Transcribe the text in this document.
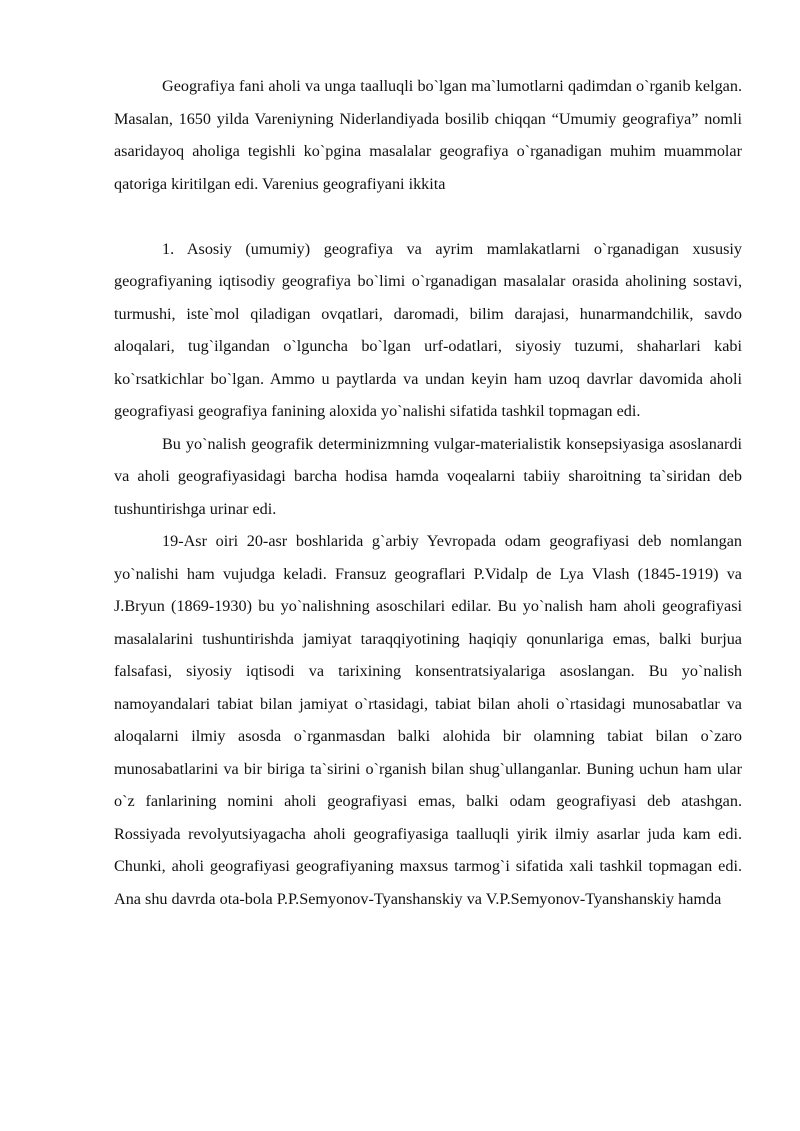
Geografiya fani aholi va unga taalluqli bo`lgan ma`lumotlarni qadimdan o`rganib kelgan. Masalan, 1650 yilda Vareniyning Niderlandiyada bosilib chiqqan “Umumiy geografiya” nomli asaridayoq aholiga tegishli ko`pgina masalalar geografiya o`rganadigan muhim muammolar qatoriga kiritilgan edi. Varenius geografiyani ikkita

1. Asosiy (umumiy) geografiya va ayrim mamlakatlarni o`rganadigan xususiy geografiyaning iqtisodiy geografiya bo`limi o`rganadigan masalalar orasida aholining sostavi, turmushi, iste`mol qiladigan ovqatlari, daromadi, bilim darajasi, hunarmandchilik, savdo aloqalari, tug`ilgandan o`lguncha bo`lgan urf-odatlari, siyosiy tuzumi, shaharlari kabi ko`rsatkichlar bo`lgan. Ammo u paytlarda va undan keyin ham uzoq davrlar davomida aholi geografiyasi geografiya fanining aloxida yo`nalishi sifatida tashkil topmagan edi.

Bu yo`nalish geografik determinizmning vulgar-materialistik konsepsiyasiga asoslanardi va aholi geografiyasidagi barcha hodisa hamda voqealarni tabiiy sharoitning ta`siridan deb tushuntirishga urinar edi.

19-Asr oiri 20-asr boshlarida g`arbiy Yevropada odam geografiyasi deb nomlangan yo`nalishi ham vujudga keladi. Fransuz geograflari P.Vidalp de Lya Vlash (1845-1919) va J.Bryun (1869-1930) bu yo`nalishning asoschilari edilar. Bu yo`nalish ham aholi geografiyasi masalalarini tushuntirishda jamiyat taraqqiyotining haqiqiy qonunlariga emas, balki burjua falsafasi, siyosiy iqtisodi va tarixining konsentratsiyalariga asoslangan. Bu yo`nalish namoyandalari tabiat bilan jamiyat o`rtasidagi, tabiat bilan aholi o`rtasidagi munosabatlar va aloqalarni ilmiy asosda o`rganmasdan balki alohida bir olamning tabiat bilan o`zaro munosabatlarini va bir biriga ta`sirini o`rganish bilan shug`ullanganlar. Buning uchun ham ular o`z fanlarining nomini aholi geografiyasi emas, balki odam geografiyasi deb atashgan. Rossiyada revolyutsiyagacha aholi geografiyasiga taalluqli yirik ilmiy asarlar juda kam edi. Chunki, aholi geografiyasi geografiyaning maxsus tarmog`i sifatida xali tashkil topmagan edi. Ana shu davrda ota-bola P.P.Semyonov-Tyanshanskiy va V.P.Semyonov-Tyanshanskiy hamda
